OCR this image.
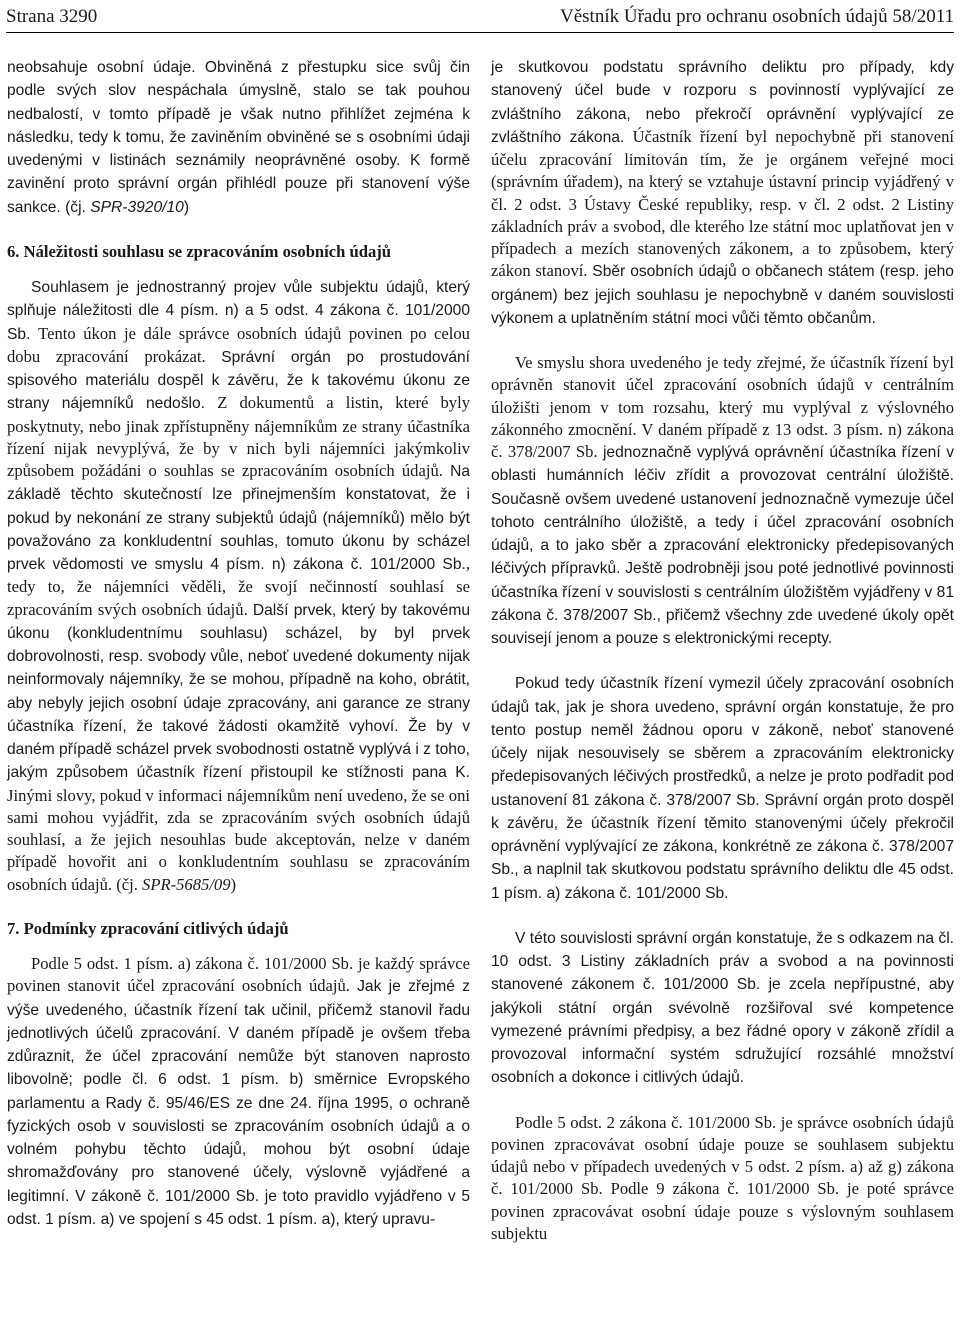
Strana 3290	Věstník Úřadu pro ochranu osobních údajů 58/2011

neobsahuje osobní údaje. Obviněná z přestupku sice svůj čin podle svých slov nespáchala úmyslně, stalo se tak pouhou nedbalostí, v tomto případě je však nutno přihlížet zejména k následku, tedy k tomu, že zaviněním obviněné se s osobními údaji uvedenými v listinách seznámily neoprávněné osoby. K formě zavinění proto správní orgán přihlédl pouze při stanovení výše sankce. (čj. SPR-3920/10)

6. Náležitosti souhlasu se zpracováním osobních údajů

Souhlasem je jednostranný projev vůle subjektu údajů, který splňuje náležitosti dle 4 písm. n) a 5 odst. 4 zákona č. 101/2000 Sb. Tento úkon je dále správce osobních údajů povinen po celou dobu zpracování prokázat. Správní orgán po prostudování spisového materiálu dospěl k závěru, že k takovému úkonu ze strany nájemníků nedošlo. Z dokumentů a listin, které byly poskytnuty, nebo jinak zpřístupněny nájemníkům ze strany účastníka řízení nijak nevyplývá, že by v nich byli nájemníci jakýmkoliv způsobem požádáni o souhlas se zpracováním osobních údajů. Na základě těchto skutečností lze přinejmenším konstatovat, že i pokud by nekonání ze strany subjektů údajů (nájemníků) mělo být považováno za konkludentní souhlas, tomuto úkonu by scházel prvek vědomosti ve smyslu 4 písm. n) zákona č. 101/2000 Sb., tedy to, že nájemníci věděli, že svojí nečinností souhlasí se zpracováním svých osobních údajů. Další prvek, který by takovému úkonu (konkludentnímu souhlasu) scházel, by byl prvek dobrovolnosti, resp. svobody vůle, neboť uvedené dokumenty nijak neinformovaly nájemníky, že se mohou, případně na koho, obrátit, aby nebyly jejich osobní údaje zpracovány, ani garance ze strany účastníka řízení, že takové žádosti okamžitě vyhoví. Že by v daném případě scházel prvek svobodnosti ostatně vyplývá i z toho, jakým způsobem účastník řízení přistoupil ke stížnosti pana K. Jinými slovy, pokud v informaci nájemníkům není uvedeno, že se oni sami mohou vyjádřit, zda se zpracováním svých osobních údajů souhlasí, a že jejich nesouhlas bude akceptován, nelze v daném případě hovořit ani o konkludentním souhlasu se zpracováním osobních údajů. (čj. SPR-5685/09)

7. Podmínky zpracování citlivých údajů

Podle 5 odst. 1 písm. a) zákona č. 101/2000 Sb. je každý správce povinen stanovit účel zpracování osobních údajů. Jak je zřejmé z výše uvedeného, účastník řízení tak učinil, přičemž stanovil řadu jednotlivých účelů zpracování. V daném případě je ovšem třeba zdůraznit, že účel zpracování nemůže být stanoven naprosto libovolně; podle čl. 6 odst. 1 písm. b) směrnice Evropského parlamentu a Rady č. 95/46/ES ze dne 24. října 1995, o ochraně fyzických osob v souvislosti se zpracováním osobních údajů a o volném pohybu těchto údajů, mohou být osobní údaje shromažďovány pro stanovené účely, výslovně vyjádřené a legitimní. V zákoně č. 101/2000 Sb. je toto pravidlo vyjádřeno v 5 odst. 1 písm. a) ve spojení s 45 odst. 1 písm. a), který upravu-

je skutkovou podstatu správního deliktu pro případy, kdy stanovený účel bude v rozporu s povinností vyplývající ze zvláštního zákona, nebo překročí oprávnění vyplývající ze zvláštního zákona. Účastník řízení byl nepochybně při stanovení účelu zpracování limitován tím, že je orgánem veřejné moci (správním úřadem), na který se vztahuje ústavní princip vyjádřený v čl. 2 odst. 3 Ústavy České republiky, resp. v čl. 2 odst. 2 Listiny základních práv a svobod, dle kterého lze státní moc uplatňovat jen v případech a mezích stanovených zákonem, a to způsobem, který zákon stanoví. Sběr osobních údajů o občanech státem (resp. jeho orgánem) bez jejich souhlasu je nepochybně v daném souvislosti výkonem a uplatněním státní moci vůči těmto občanům.

Ve smyslu shora uvedeného je tedy zřejmé, že účastník řízení byl oprávněn stanovit účel zpracování osobních údajů v centrálním úložišti jenom v tom rozsahu, který mu vyplýval z výslovného zákonného zmocnění. V daném případě z 13 odst. 3 písm. n) zákona č. 378/2007 Sb. jednoznačně vyplývá oprávnění účastníka řízení v oblasti humánních léčiv zřídit a provozovat centrální úložiště. Současně ovšem uvedené ustanovení jednoznačně vymezuje účel tohoto centrálního úložiště, a tedy i účel zpracování osobních údajů, a to jako sběr a zpracování elektronicky předepisovaných léčivých přípravků. Ještě podrobněji jsou poté jednotlivé povinnosti účastníka řízení v souvislosti s centrálním úložištěm vyjádřeny v 81 zákona č. 378/2007 Sb., přičemž všechny zde uvedené úkoly opět souvisejí jenom a pouze s elektronickými recepty.

Pokud tedy účastník řízení vymezil účely zpracování osobních údajů tak, jak je shora uvedeno, správní orgán konstatuje, že pro tento postup neměl žádnou oporu v zákoně, neboť stanovené účely nijak nesouvisely se sběrem a zpracováním elektronicky předepisovaných léčivých prostředků, a nelze je proto podřadit pod ustanovení 81 zákona č. 378/2007 Sb. Správní orgán proto dospěl k závěru, že účastník řízení těmito stanovenými účely překročil oprávnění vyplývající ze zákona, konkrétně ze zákona č. 378/2007 Sb., a naplnil tak skutkovou podstatu správního deliktu dle 45 odst. 1 písm. a) zákona č. 101/2000 Sb.

V této souvislosti správní orgán konstatuje, že s odkazem na čl. 10 odst. 3 Listiny základních práv a svobod a na povinnosti stanovené zákonem č. 101/2000 Sb. je zcela nepřípustné, aby jakýkoli státní orgán svévolně rozšiřoval své kompetence vymezené právními předpisy, a bez řádné opory v zákoně zřídil a provozoval informační systém sdružující rozsáhlé množství osobních a dokonce i citlivých údajů.

Podle 5 odst. 2 zákona č. 101/2000 Sb. je správce osobních údajů povinen zpracovávat osobní údaje pouze se souhlasem subjektu údajů nebo v případech uvedených v 5 odst. 2 písm. a) až g) zákona č. 101/2000 Sb. Podle 9 zákona č. 101/2000 Sb. je poté správce povinen zpracovávat osobní údaje pouze s výslovným souhlasem subjektu
